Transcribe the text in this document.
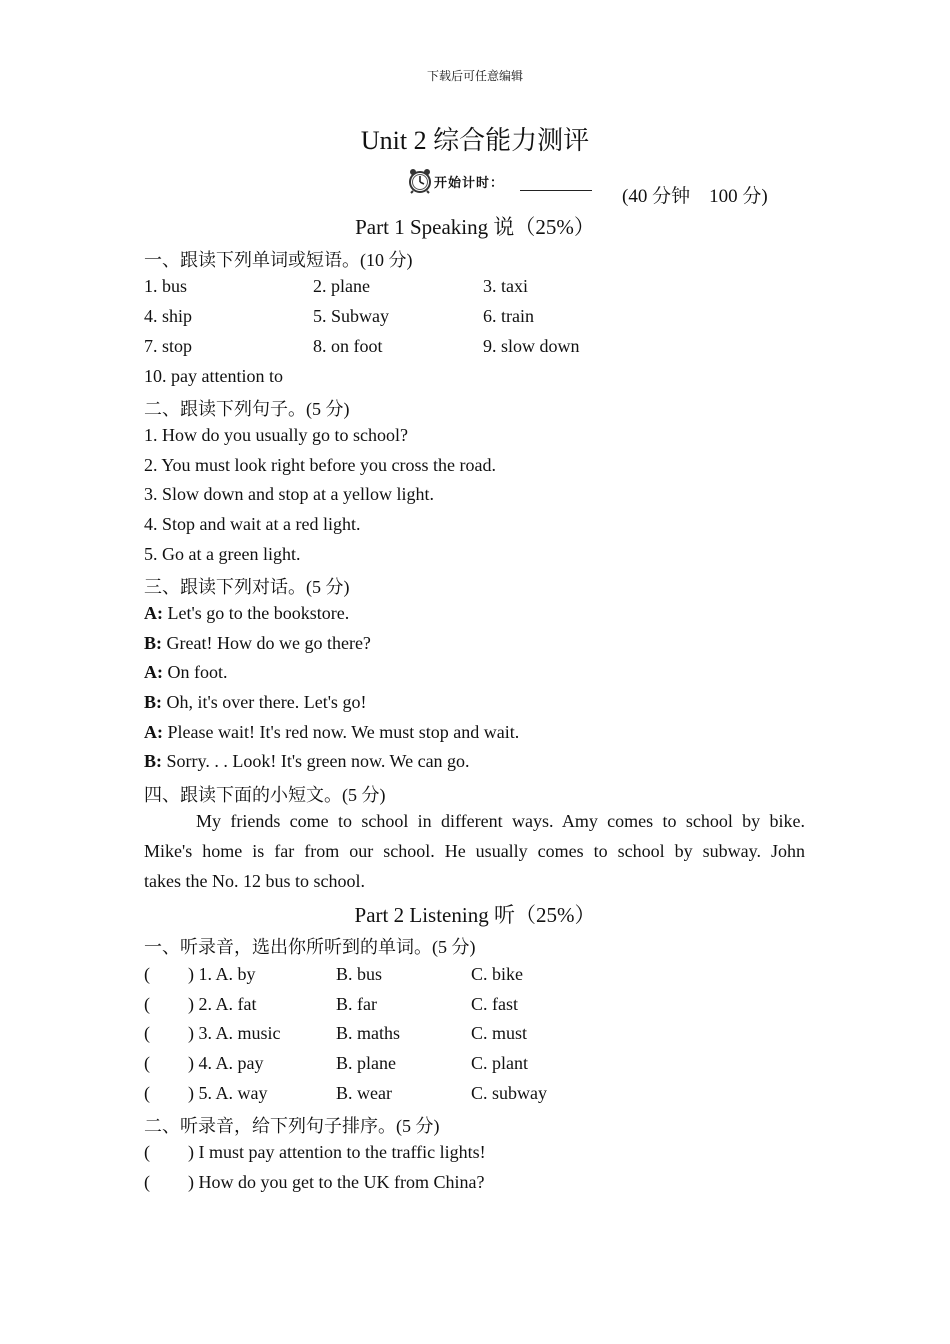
下载后可任意编辑
Unit 2 综合能力测评
开始计时：
(40 分钟　100 分)
Part 1 Speaking 说（25%）
一、跟读下列单词或短语。(10 分)
1. bus	2. plane	3. taxi
4. ship	5. Subway	6. train
7. stop	8. on foot	9. slow down
10. pay attention to
二、跟读下列句子。(5 分)
1. How do you usually go to school?
2. You must look right before you cross the road.
3. Slow down and stop at a yellow light.
4. Stop and wait at a red light.
5. Go at a green light.
三、跟读下列对话。(5 分)
A: Let's go to the bookstore.
B: Great! How do we go there?
A: On foot.
B: Oh, it's over there. Let's go!
A: Please wait! It's red now. We must stop and wait.
B: Sorry. . . Look! It's green now. We can go.
四、跟读下面的小短文。(5 分)
My friends come to school in different ways. Amy comes to school by bike.
Mike's home is far from our school. He usually comes to school by subway. John
takes the No. 12 bus to school.
Part 2 Listening 听（25%）
一、听录音，选出你所听到的单词。(5 分)
( ) 1. A. by	B. bus	C. bike
( ) 2. A. fat	B. far	C. fast
( ) 3. A. music	B. maths	C. must
( ) 4. A. pay	B. plane	C. plant
( ) 5. A. way	B. wear	C. subway
二、听录音，给下列句子排序。(5 分)
( ) I must pay attention to the traffic lights!
( ) How do you get to the UK from China?
